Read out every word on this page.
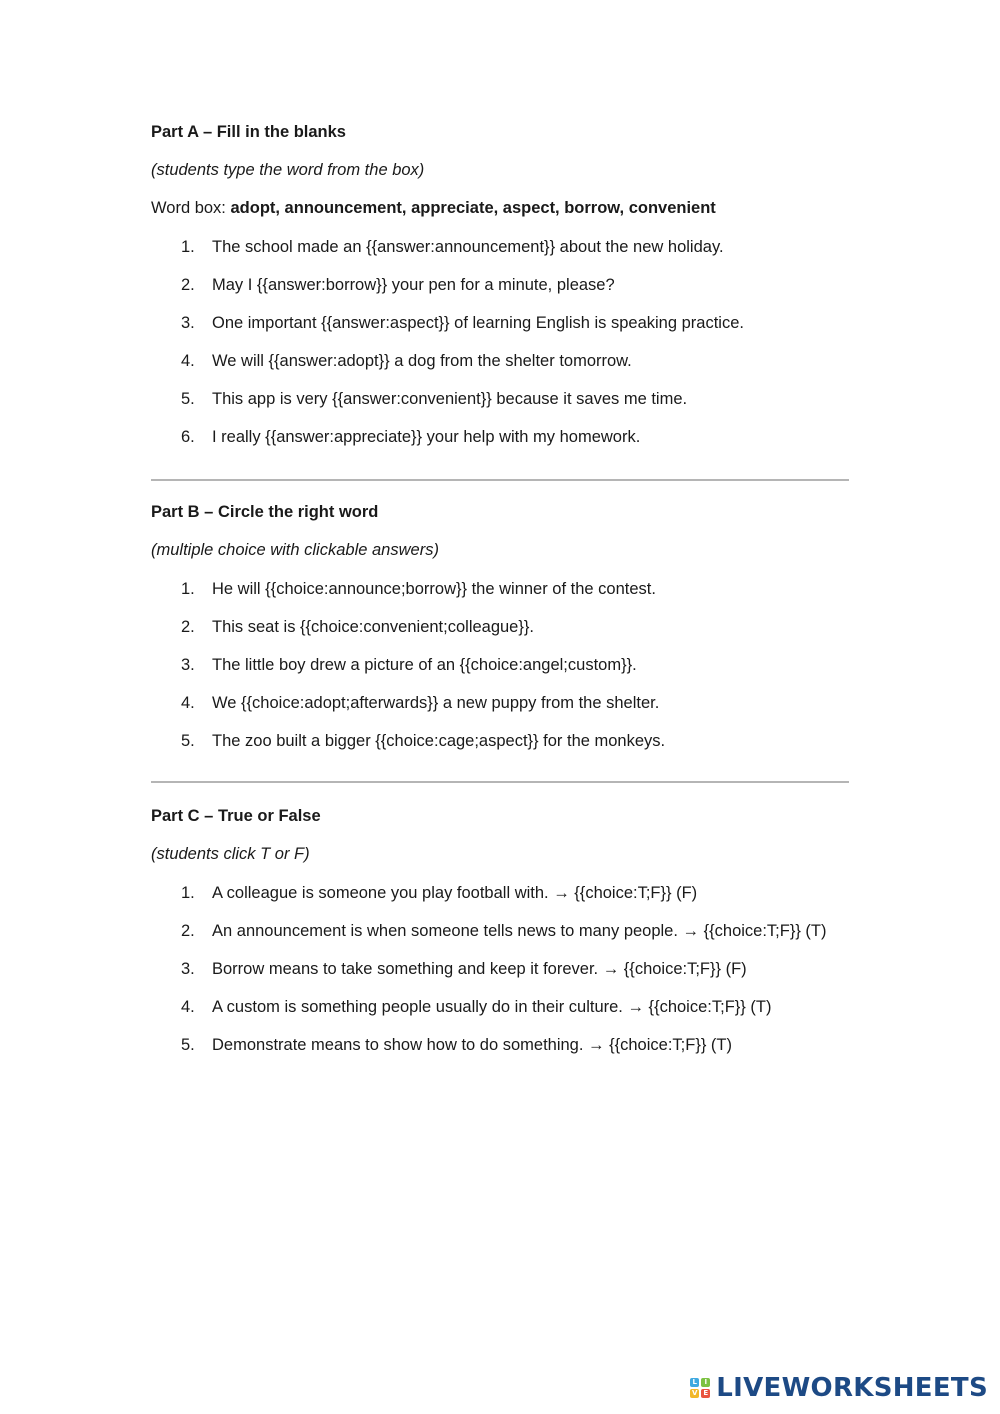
Part A – Fill in the blanks

(students type the word from the box)

Word box: adopt, announcement, appreciate, aspect, borrow, convenient

1. The school made an {{answer:announcement}} about the new holiday.
2. May I {{answer:borrow}} your pen for a minute, please?
3. One important {{answer:aspect}} of learning English is speaking practice.
4. We will {{answer:adopt}} a dog from the shelter tomorrow.
5. This app is very {{answer:convenient}} because it saves me time.
6. I really {{answer:appreciate}} your help with my homework.
Part B – Circle the right word

(multiple choice with clickable answers)

1. He will {{choice:announce;borrow}} the winner of the contest.
2. This seat is {{choice:convenient;colleague}}.
3. The little boy drew a picture of an {{choice:angel;custom}}.
4. We {{choice:adopt;afterwards}} a new puppy from the shelter.
5. The zoo built a bigger {{choice:cage;aspect}} for the monkeys.
Part C – True or False

(students click T or F)

1. A colleague is someone you play football with. → {{choice:T;F}} (F)
2. An announcement is when someone tells news to many people. → {{choice:T;F}} (T)
3. Borrow means to take something and keep it forever. → {{choice:T;F}} (F)
4. A custom is something people usually do in their culture. → {{choice:T;F}} (T)
5. Demonstrate means to show how to do something. → {{choice:T;F}} (T)
L	I
V E LIVEWORKSHEETS
